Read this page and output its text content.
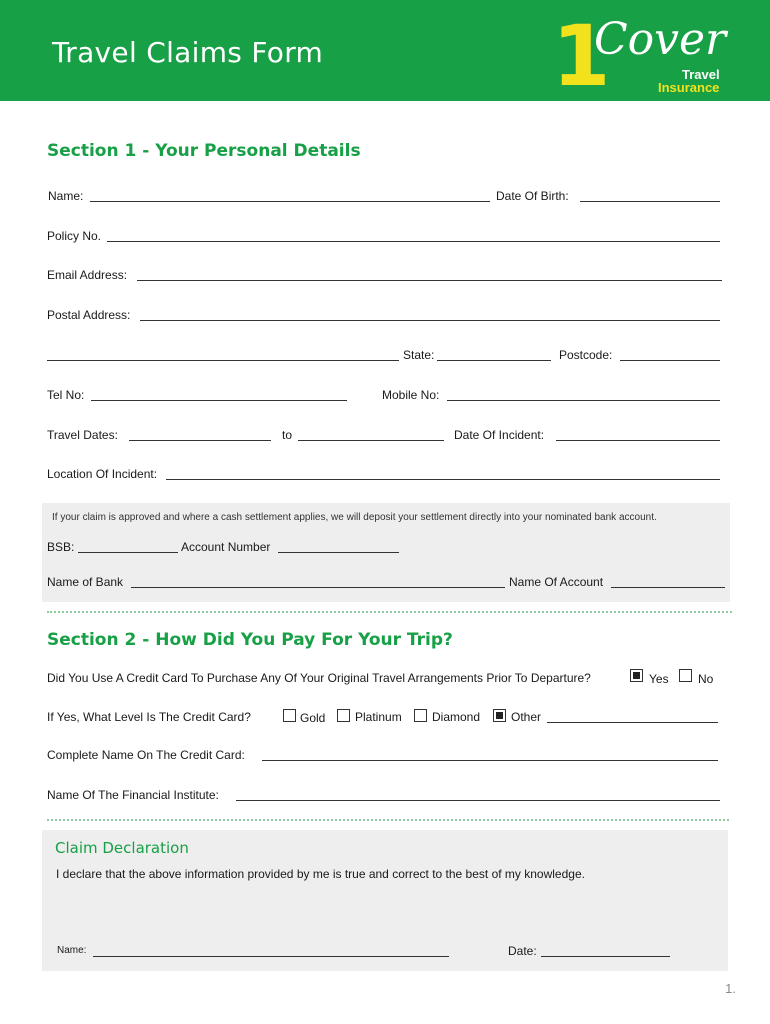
Travel Claims Form	1
Cover
Travel
Insurance
Section 1 - Your Personal Details
Name:	Date Of Birth:
Policy No.
Email Address:
Postal Address:
State:	Postcode:
Tel No:	Mobile No:
Travel Dates:	to	Date Of Incident:
Location Of Incident:
If your claim is approved and where a cash settlement applies, we will deposit your settlement directly into your nominated bank account.
BSB:	Account Number
Name of Bank	Name Of Account
Section 2 - How Did You Pay For Your Trip?
Did You Use A Credit Card To Purchase Any Of Your Original Travel Arrangements Prior To Departure?	Yes No
If Yes, What Level Is The Credit Card?	Gold Platinum	Diamond	Other
Complete Name On The Credit Card:
Name Of The Financial Institute:
Claim Declaration
I declare that the above information provided by me is true and correct to the best of my knowledge.
Name:	Date:
1.
